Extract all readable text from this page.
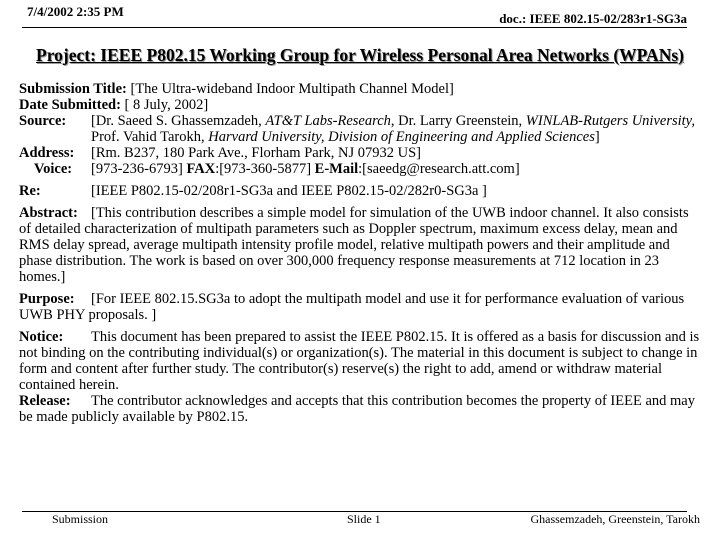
7/4/2002 2:35 PM	doc.: IEEE 802.15-02/283r1-SG3a
Project: IEEE P802.15 Working Group for Wireless Personal Area Networks (WPANs)
Submission Title: [The Ultra-wideband Indoor Multipath Channel Model]
Date Submitted: [ 8 July, 2002]
Source:	[Dr. Saeed S. Ghassemzadeh, AT&T Labs-Research, Dr. Larry Greenstein, WINLAB-Rutgers University, Prof. Vahid Tarokh, Harvard University, Division of Engineering and Applied Sciences]
Address:	[Rm. B237, 180 Park Ave., Florham Park, NJ 07932 US]
Voice:	[973-236-6793] FAX:[973-360-5877] E-Mail:[saeedg@research.att.com]
Re:	[IEEE P802.15-02/208r1-SG3a and IEEE P802.15-02/282r0-SG3a ]
Abstract: [This contribution describes a simple model for simulation of the UWB indoor channel. It also consists of detailed characterization of multipath parameters such as Doppler spectrum, maximum excess delay, mean and RMS delay spread, average multipath intensity profile model, relative multipath powers and their amplitude and phase distribution. The work is based on over 300,000 frequency response measurements at 712 location in 23 homes.]
Purpose: [For IEEE 802.15.SG3a to adopt the multipath model and use it for performance evaluation of various UWB PHY proposals. ]
Notice: This document has been prepared to assist the IEEE P802.15. It is offered as a basis for discussion and is not binding on the contributing individual(s) or organization(s). The material in this document is subject to change in form and content after further study. The contributor(s) reserve(s) the right to add, amend or withdraw material contained herein.
Release: The contributor acknowledges and accepts that this contribution becomes the property of IEEE and may be made publicly available by P802.15.
Submission	Slide 1	Ghassemzadeh, Greenstein, Tarokh
